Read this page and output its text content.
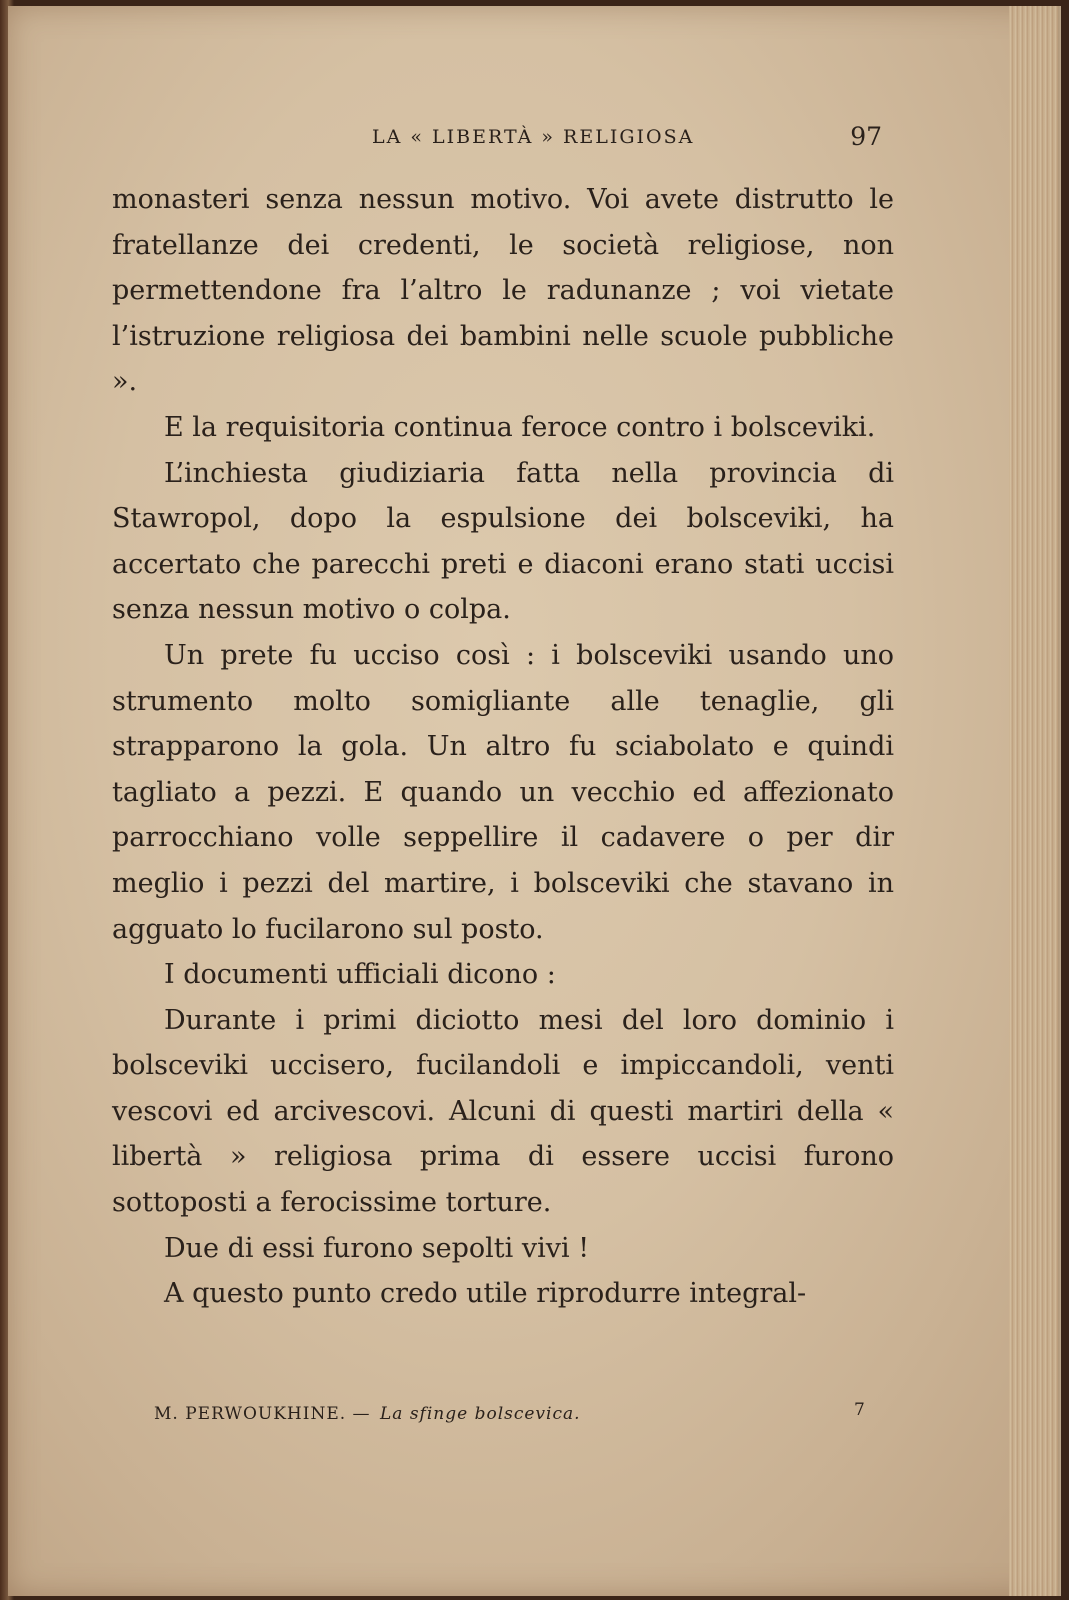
LA « LIBERTÀ » RELIGIOSA	97

monasteri senza nessun motivo. Voi avete distrutto le fratellanze dei credenti, le società religiose, non permettendone fra l’altro le radunanze ; voi vietate l’istruzione religiosa dei bambini nelle scuole pubbliche ».

E la requisitoria continua feroce contro i bolsceviki.

L’inchiesta giudiziaria fatta nella provincia di Stawropol, dopo la espulsione dei bolsceviki, ha accertato che parecchi preti e diaconi erano stati uccisi senza nessun motivo o colpa.

Un prete fu ucciso così : i bolsceviki usando uno strumento molto somigliante alle tenaglie, gli strapparono la gola. Un altro fu sciabolato e quindi tagliato a pezzi. E quando un vecchio ed affezionato parrocchiano volle seppellire il cadavere o per dir meglio i pezzi del martire, i bolsceviki che stavano in agguato lo fucilarono sul posto.

I documenti ufficiali dicono :

Durante i primi diciotto mesi del loro dominio i bolsceviki uccisero, fucilandoli e impiccandoli, venti vescovi ed arcivescovi. Alcuni di questi martiri della « libertà » religiosa prima di essere uccisi furono sottoposti a ferocissime torture.

Due di essi furono sepolti vivi !

A questo punto credo utile riprodurre integral-

M. PERWOUKHINE. — La sfinge bolscevica.	7
